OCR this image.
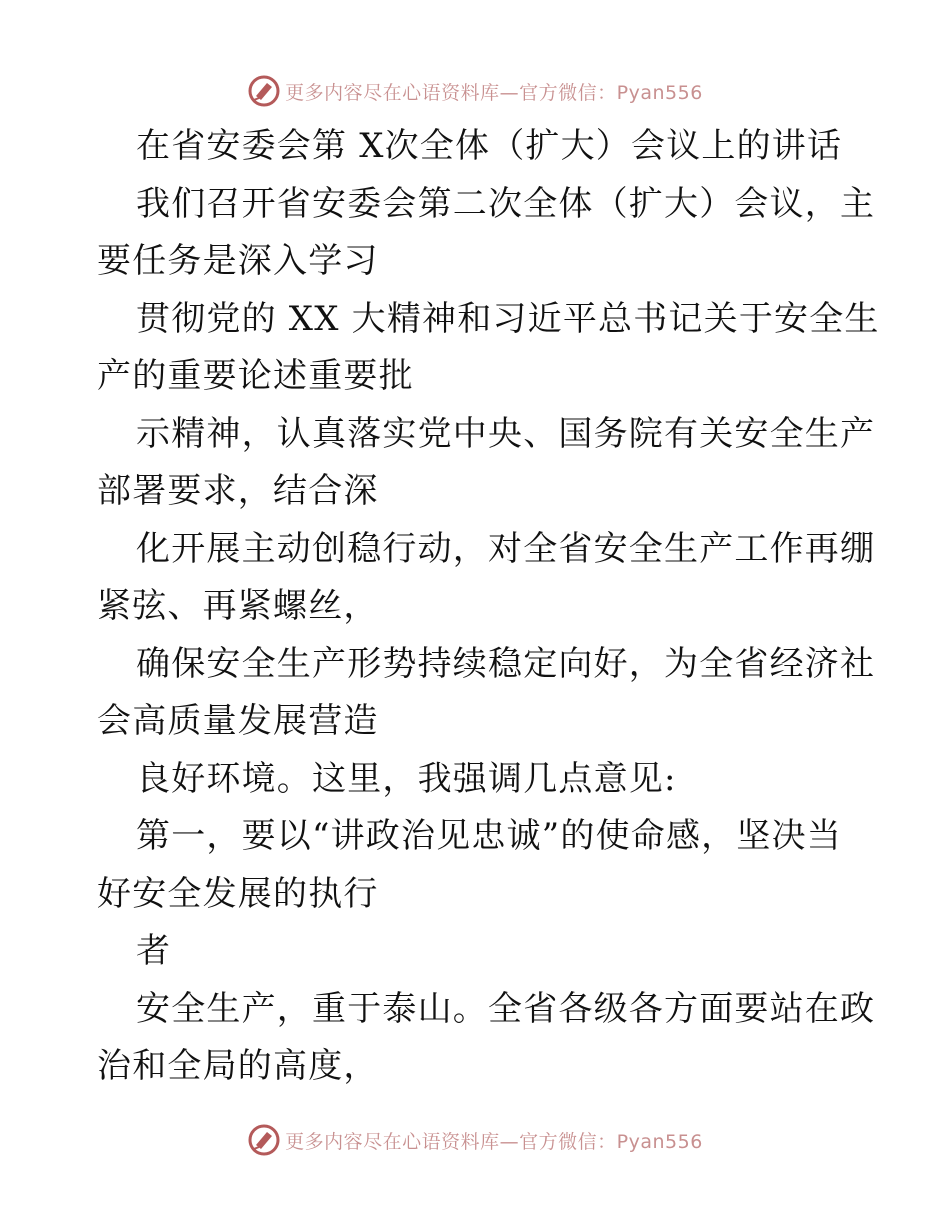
更多内容尽在心语资料库—官方微信：Pyan556
在省安委会第 X次全体（扩大）会议上的讲话
我们召开省安委会第二次全体（扩大）会议，主
要任务是深入学习
贯彻党的 XX 大精神和习近平总书记关于安全生
产的重要论述重要批
示精神，认真落实党中央、国务院有关安全生产
部署要求，结合深
化开展主动创稳行动，对全省安全生产工作再绷
紧弦、再紧螺丝，
确保安全生产形势持续稳定向好，为全省经济社
会高质量发展营造
良好环境。这里，我强调几点意见:
第一，要以“讲政治见忠诚”的使命感，坚决当
好安全发展的执行
者
安全生产，重于泰山。全省各级各方面要站在政
治和全局的高度，
更多内容尽在心语资料库—官方微信：Pyan556
